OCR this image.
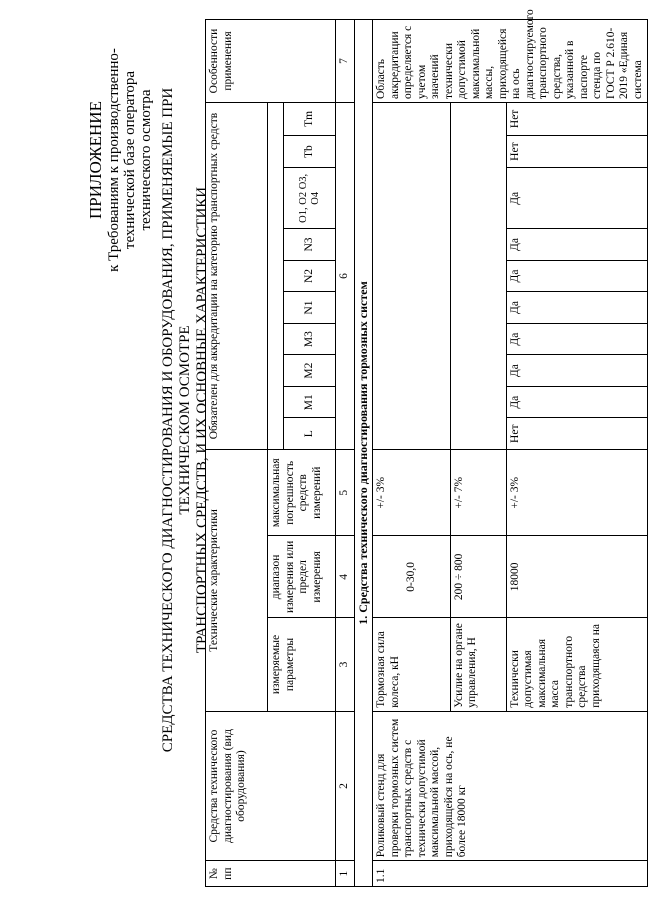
ПРИЛОЖЕНИЕ к Требованиям к производственно- технической базе оператора технического осмотра СРЕДСТВА ТЕХНИЧЕСКОГО ДИАГНОСТИРОВАНИЯ И ОБОРУДОВАНИЯ, ПРИМЕНЯЕМЫЕ ПРИ ТЕХНИЧЕСКОМ ОСМОТРЕ ТРАНСПОРТНЫХ СРЕДСТВ, И ИХ ОСНОВНЫЕ ХАРАКТЕРИСТИКИ
№ пп	Средства технического диагностирования (вид оборудования)	Технические характеристики			Обязателен для аккредитации на категорию транспортных средств										Особенности применения
		измеряемые параметры	диапазон измерения или предел измерения	максимальная погрешность средств измерений											
					L	M1	M2	M3	N1	N2	N3	O1, O2 O3, O4	Tb	Tm	
1	2	3	4	5	6										7
1. Средства технического диагностирования тормозных систем															
1.1	Роликовый стенд для проверки тормозных систем транспортных средств с технически допустимой максимальной массой, приходящейся на ось, не более 18000 кг	Тормозная сила колеса, кН	0-30,0	+/- 3%											Область аккредитации определяется с учетом значений технически допустимой максимальной массы, приходящейся на ось диагностируемого транспортного средства, указанной в паспорте стенда по ГОСТ Р 2.610-2019 «Единая система
		Усилие на органе управления, Н	200 ÷ 800	+/- 7%											
		Технически допустимая максимальная масса транспортного средства приходящаяся на	18000	+/- 3%	Нет	Да	Да	Да	Да	Да	Да	Да	Нет	Нет	
